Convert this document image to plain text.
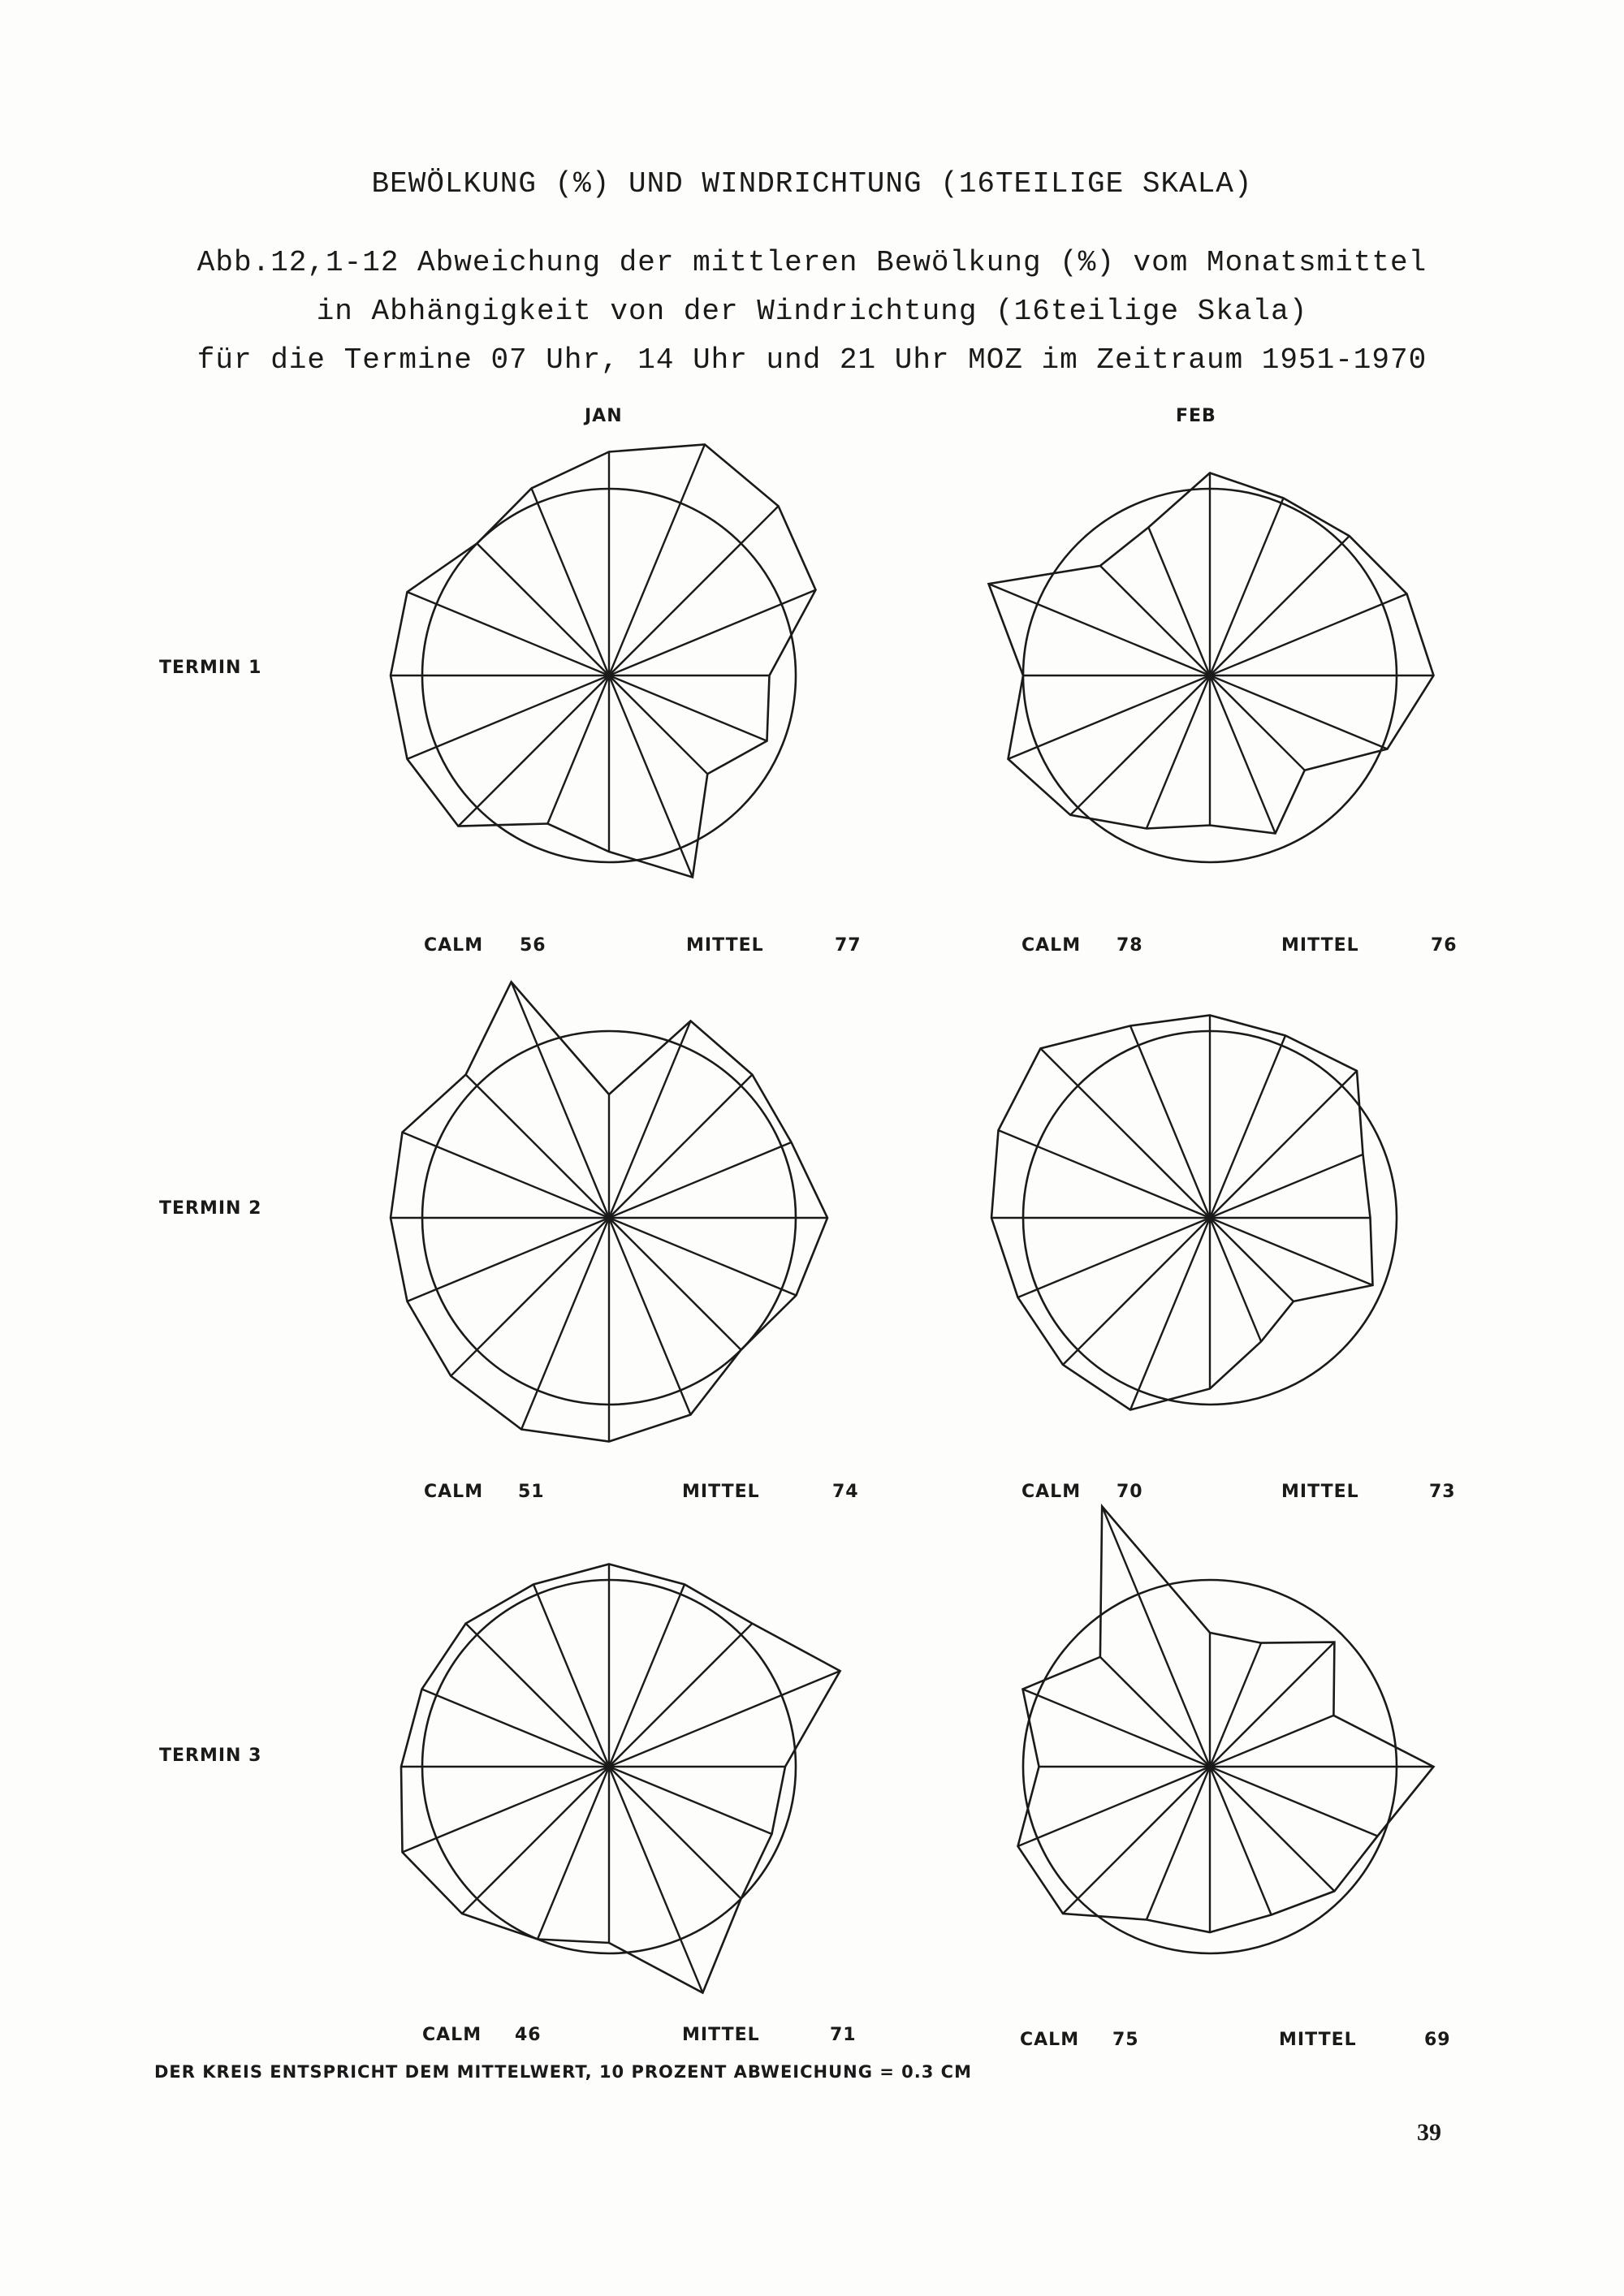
BEWÖLKUNG (%) UND WINDRICHTUNG (16TEILIGE SKALA)
Abb.12,1-12 Abweichung der mittleren Bewölkung (%) vom Monatsmittel
in Abhängigkeit von der Windrichtung (16teilige Skala)
für die Termine 07 Uhr, 14 Uhr und 21 Uhr MOZ im Zeitraum 1951-1970
JAN	FEB
TERMIN 1
TERMIN 2
TERMIN 3
CALM 56	MITTEL	77	CALM 78	MITTEL	76
CALM 51	MITTEL	74	CALM 70	MITTEL	73
CALM 46	MITTEL	71	CALM 75	MITTEL	69
DER KREIS ENTSPRICHT DEM MITTELWERT, 10 PROZENT ABWEICHUNG = 0.3 CM
39
